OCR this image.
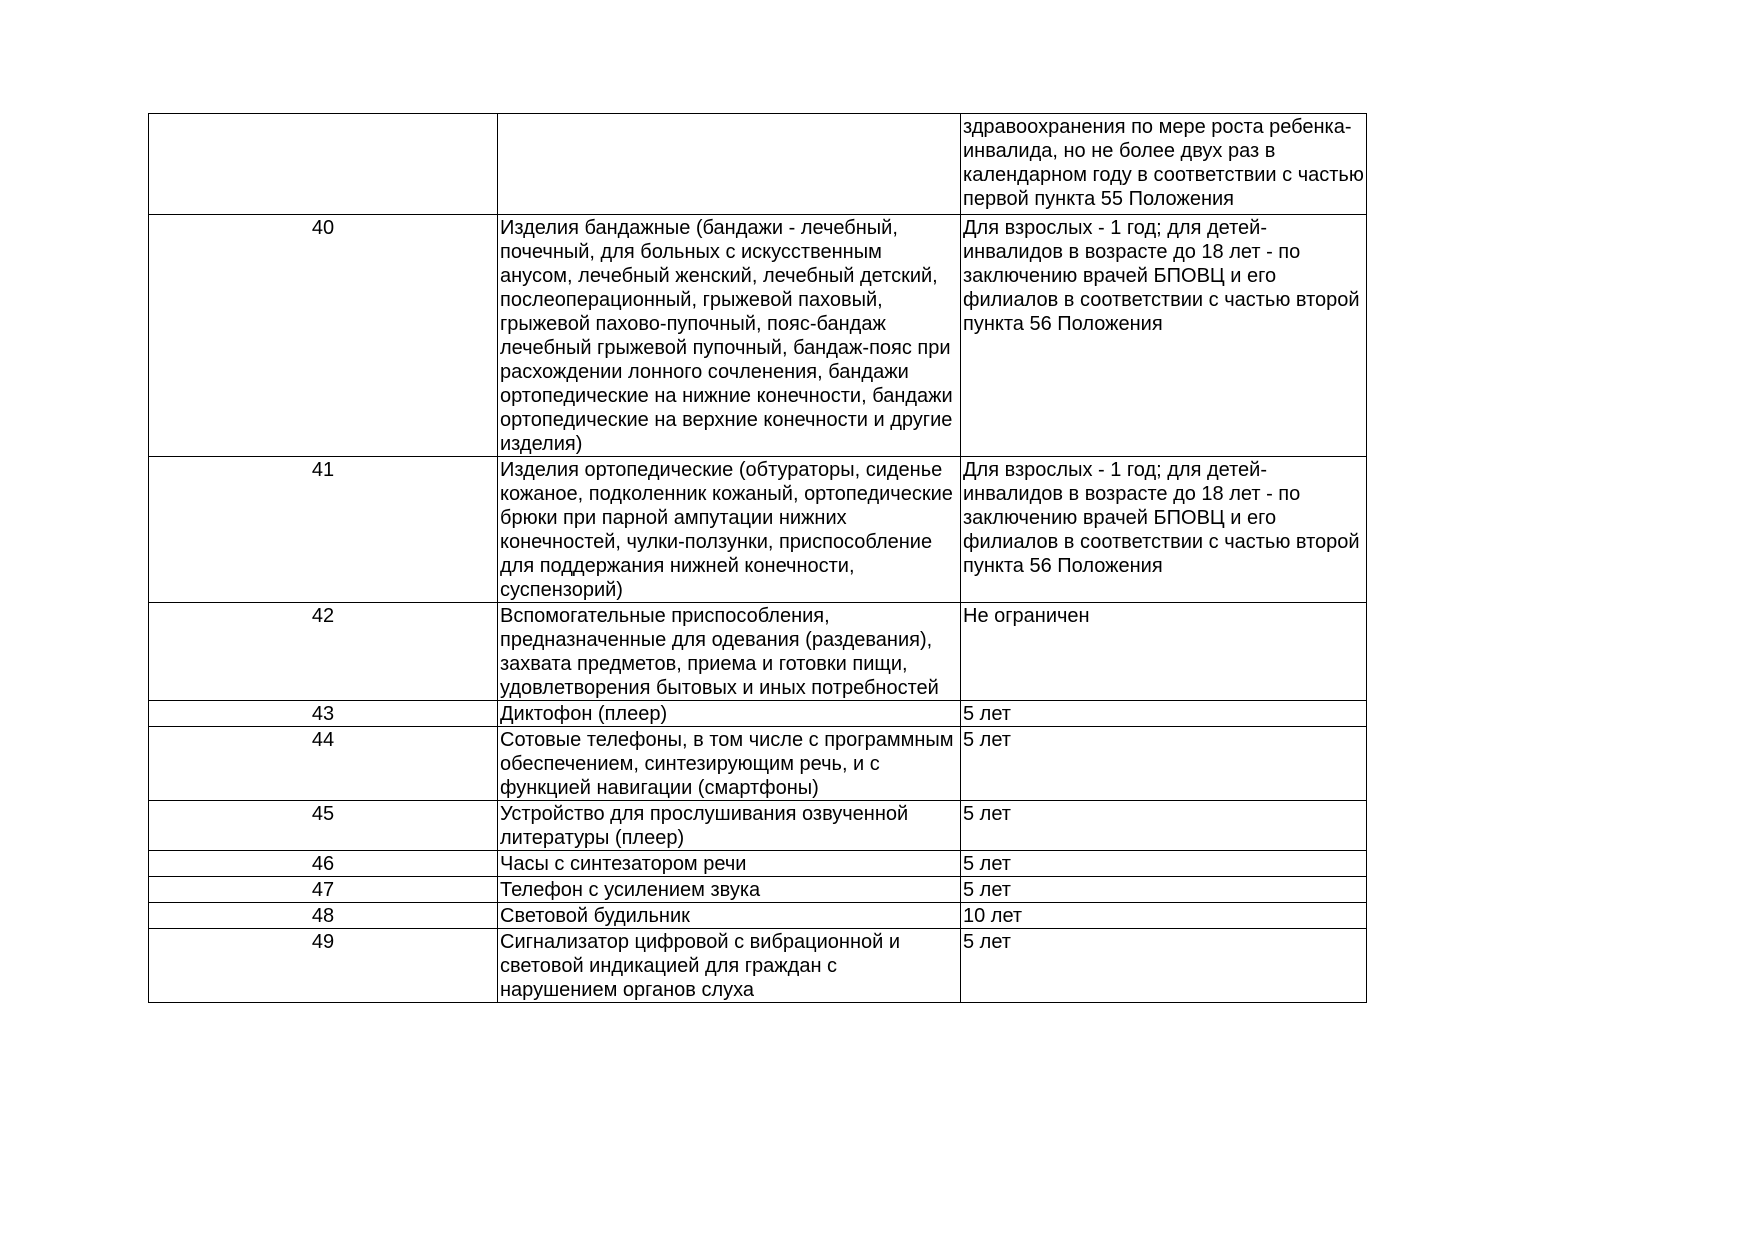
		здравоохранения по мере роста ребенка-инвалида, но не более двух раз в календарном году в соответствии с частью первой пункта 55 Положения
40	Изделия бандажные (бандажи - лечебный, почечный, для больных с искусственным анусом, лечебный женский, лечебный детский, послеоперационный, грыжевой паховый, грыжевой пахово-пупочный, пояс-бандаж лечебный грыжевой пупочный, бандаж-пояс при расхождении лонного сочленения, бандажи ортопедические на нижние конечности, бандажи ортопедические на верхние конечности и другие изделия)	Для взрослых - 1 год; для детей-инвалидов в возрасте до 18 лет - по заключению врачей БПОВЦ и его филиалов в соответствии с частью второй пункта 56 Положения
41	Изделия ортопедические (обтураторы, сиденье кожаное, подколенник кожаный, ортопедические брюки при парной ампутации нижних конечностей, чулки-ползунки, приспособление для поддержания нижней конечности, суспензорий)	Для взрослых - 1 год; для детей-инвалидов в возрасте до 18 лет - по заключению врачей БПОВЦ и его филиалов в соответствии с частью второй пункта 56 Положения
42	Вспомогательные приспособления, предназначенные для одевания (раздевания), захвата предметов, приема и готовки пищи, удовлетворения бытовых и иных потребностей	Не ограничен
43	Диктофон (плеер)	5 лет
44	Сотовые телефоны, в том числе с программным обеспечением, синтезирующим речь, и с функцией навигации (смартфоны)	5 лет
45	Устройство для прослушивания озвученной литературы (плеер)	5 лет
46	Часы с синтезатором речи	5 лет
47	Телефон с усилением звука	5 лет
48	Световой будильник	10 лет
49	Сигнализатор цифровой с вибрационной и световой индикацией для граждан с нарушением органов слуха	5 лет
